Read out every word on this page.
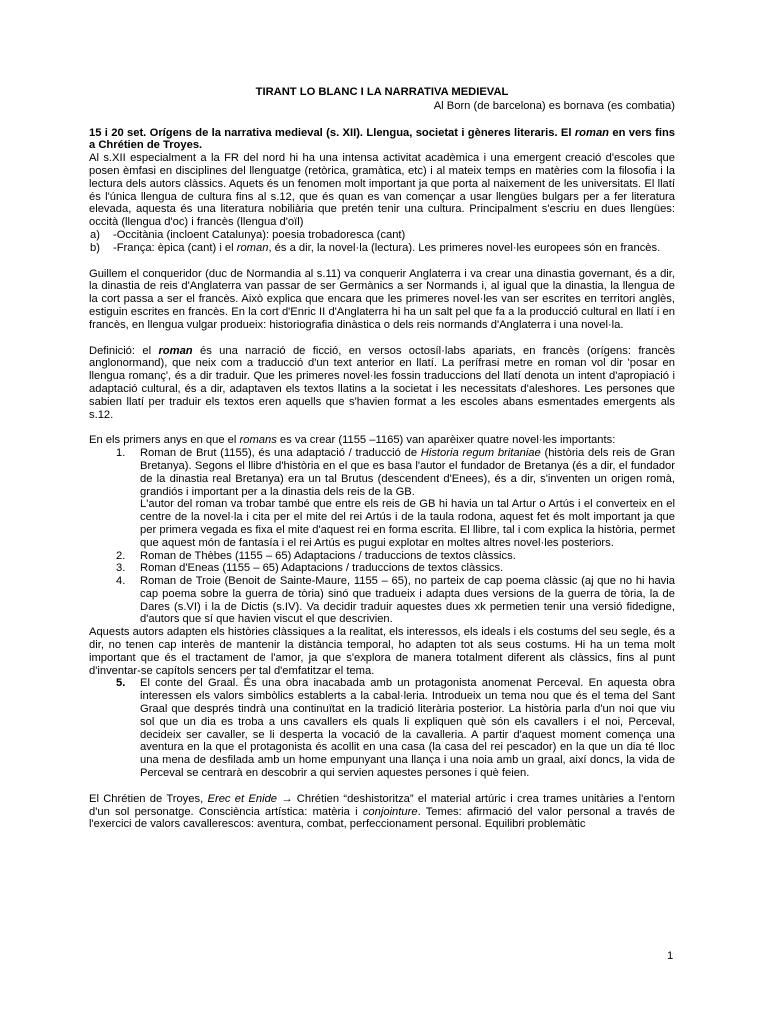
TIRANT LO BLANC I LA NARRATIVA MEDIEVAL
Al Born (de barcelona) es bornava (es combatia)

15 i 20 set. Orígens de la narrativa medieval (s. XII). Llengua, societat i gèneres literaris. El roman en vers fins a Chrétien de Troyes.

Al s.XII especialment a la FR del nord hi ha una intensa activitat acadèmica i una emergent creació d'escoles que posen èmfasi en disciplines del llenguatge (retòrica, gramàtica, etc) i al mateix temps en matèries com la filosofia i la lectura dels autors clàssics. Aquets és un fenomen molt important ja que porta al naixement de les universitats. El llatí és l'única llengua de cultura fins al s.12, que és quan es van començar a usar llengües bulgars per a fer literatura elevada, aquesta és una literatura nobiliària que pretén tenir una cultura. Principalment s'escriu en dues llengües: occità (llengua d'oc) i francès (llengua d'oïl)

a)	-Occitània (incloent Catalunya): poesia trobadoresca (cant)
b)	-França: èpica (cant) i el roman, és a dir, la novel·la (lectura). Les primeres novel·les europees són en francès.

Guillem el conqueridor (duc de Normandia al s.11) va conquerir Anglaterra i va crear una dinastia governant, és a dir, la dinastia de reis d'Anglaterra van passar de ser Germànics a ser Normands i, al igual que la dinastia, la llengua de la cort passa a ser el francès. Això explica que encara que les primeres novel·les van ser escrites en territori anglès, estiguin escrites en francès. En la cort d'Enric II d'Anglaterra hi ha un salt pel que fa a la producció cultural en llatí i en francès, en llengua vulgar produeix: historiografia dinàstica o dels reis normands d'Anglaterra i una novel·la.

Definició: el roman és una narració de ficció, en versos octosíl·labs apariats, en francès (orígens: francès anglonormand), que neix com a traducció d'un text anterior en llatí. La perífrasi metre en roman vol dir 'posar en llengua romanç', és a dir traduir. Que les primeres novel·les fossin traduccions del llatí denota un intent d'apropiació i adaptació cultural, és a dir, adaptaven els textos llatins a la societat i les necessitats d'aleshores. Les persones que sabien llatí per traduir els textos eren aquells que s'havien format a les escoles abans esmentades emergents als s.12.

En els primers anys en que el romans es va crear (1155 –1165) van aparèixer quatre novel·les importants:

1.	Roman de Brut (1155), és una adaptació / traducció de Historia regum britaniae (història dels reis de Gran Bretanya). Segons el llibre d'història en el que es basa l'autor el fundador de Bretanya (és a dir, el fundador de la dinastia real Bretanya) era un tal Brutus (descendent d'Enees), és a dir, s'inventen un origen romà, grandiós i important per a la dinastia dels reis de la GB.
L'autor del roman va trobar també que entre els reis de GB hi havia un tal Artur o Artús i el converteix en el centre de la novel·la i cita per el mite del rei Artús i de la taula rodona, aquest fet és molt important ja que per primera vegada es fixa el mite d'aquest rei en forma escrita. El llibre, tal i com explica la història, permet que aquest món de fantasía i el rei Artús es pugui explotar en moltes altres novel·les posteriors.
2.	Roman de Thèbes (1155 – 65) Adaptacions / traduccions de textos clàssics.
3.	Roman d'Eneas (1155 – 65) Adaptacions / traduccions de textos clàssics.
4.	Roman de Troie (Benoit de Sainte-Maure, 1155 – 65), no parteix de cap poema clàssic (aj que no hi havia cap poema sobre la guerra de tòria) sinó que tradueix i adapta dues versions de la guerra de tòria, la de Dares (s.VI) i la de Dictis (s.IV). Va decidir traduir aquestes dues xk permetien tenir una versió fidedigne, d'autors que sí que havien viscut el que descrivien.

Aquests autors adapten els històries clàssiques a la realitat, els interessos, els ideals i els costums del seu segle, és a dir, no tenen cap interès de mantenir la distància temporal, ho adapten tot als seus costums. Hi ha un tema molt important que és el tractament de l'amor, ja que s'explora de manera totalment diferent als clàssics, fins al punt d'inventar-se capítols sencers per tal d'emfatitzar el tema.

5.	El conte del Graal. És una obra inacabada amb un protagonista anomenat Perceval. En aquesta obra interessen els valors simbòlics establerts a la cabal·leria. Introdueix un tema nou que és el tema del Sant Graal que després tindrà una continuïtat en la tradició literària posterior. La història parla d'un noi que viu sol que un dia es troba a uns cavallers els quals li expliquen què són els cavallers i el noi, Perceval, decideix ser cavaller, se li desperta la vocació de la cavalleria. A partir d'aquest moment comença una aventura en la que el protagonista és acollit en una casa (la casa del rei pescador) en la que un dia té lloc una mena de desfilada amb un home empunyant una llança i una noia amb un graal, així doncs, la vida de Perceval se centrarà en descobrir a qui servien aquestes persones i què feien.

El Chrétien de Troyes, Erec et Enide → Chrétien “deshistoritza” el material artúric i crea trames unitàries a l'entorn d'un sol personatge. Consciència artística: matèria i conjointure. Temes: afirmació del valor personal a través de l'exercici de valors cavallerescos: aventura, combat, perfeccionament personal. Equilibri problemàtic

1
